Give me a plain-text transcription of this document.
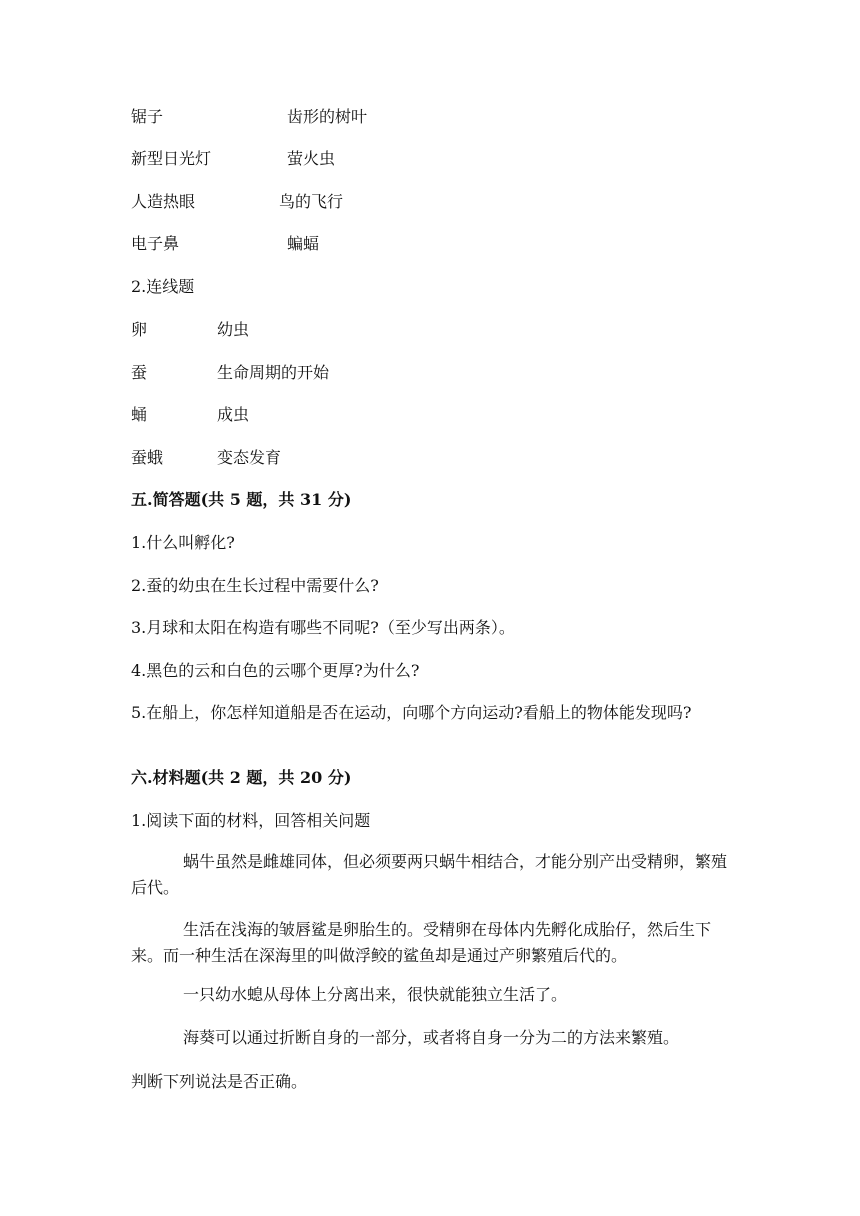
锯子	齿形的树叶
新型日光灯	萤火虫
人造热眼	鸟的飞行
电子鼻	蝙蝠
2.连线题
卵	幼虫
蚕	生命周期的开始
蛹	成虫
蚕蛾	变态发育
五.简答题(共 5 题，共 31 分)
1.什么叫孵化?
2.蚕的幼虫在生长过程中需要什么?
3.月球和太阳在构造有哪些不同呢?（至少写出两条）。
4.黑色的云和白色的云哪个更厚?为什么?
5.在船上，你怎样知道船是否在运动，向哪个方向运动?看船上的物体能发现吗?
六.材料题(共 2 题，共 20 分)
1.阅读下面的材料，回答相关问题
蜗牛虽然是雌雄同体，但必须要两只蜗牛相结合，才能分别产出受精卵，繁殖后代。
生活在浅海的皱唇鲨是卵胎生的。受精卵在母体内先孵化成胎仔，然后生下来。而一种生活在深海里的叫做浮鲛的鲨鱼却是通过产卵繁殖后代的。
一只幼水螅从母体上分离出来，很快就能独立生活了。
海葵可以通过折断自身的一部分，或者将自身一分为二的方法来繁殖。
判断下列说法是否正确。
